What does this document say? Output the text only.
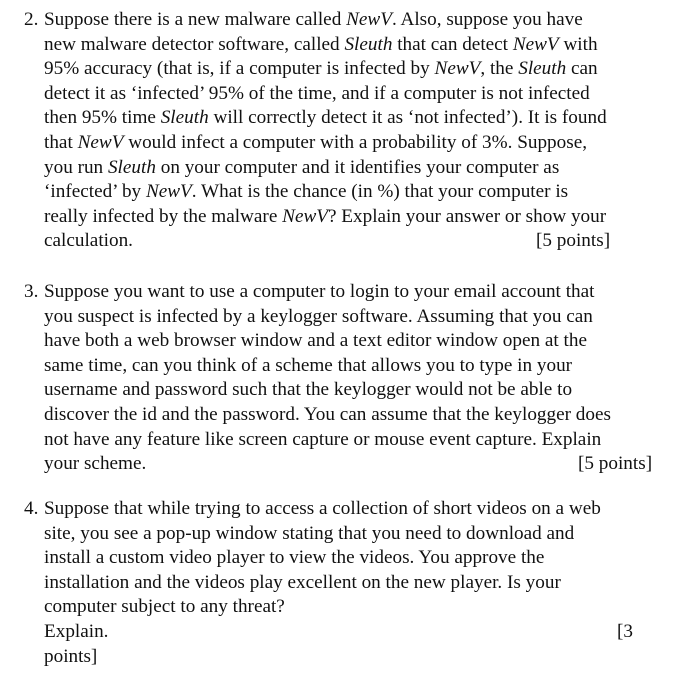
2. Suppose there is a new malware called NewV. Also, suppose you have
new malware detector software, called Sleuth that can detect NewV with
95% accuracy (that is, if a computer is infected by NewV, the Sleuth can
detect it as ‘infected’ 95% of the time, and if a computer is not infected
then 95% time Sleuth will correctly detect it as ‘not infected’). It is found
that NewV would infect a computer with a probability of 3%. Suppose,
you run Sleuth on your computer and it identifies your computer as
‘infected’ by NewV. What is the chance (in %) that your computer is
really infected by the malware NewV? Explain your answer or show your
calculation.	[5 points]
3. Suppose you want to use a computer to login to your email account that
you suspect is infected by a keylogger software. Assuming that you can
have both a web browser window and a text editor window open at the
same time, can you think of a scheme that allows you to type in your
username and password such that the keylogger would not be able to
discover the id and the password. You can assume that the keylogger does
not have any feature like screen capture or mouse event capture. Explain
your scheme.	[5 points]
4. Suppose that while trying to access a collection of short videos on a web
site, you see a pop-up window stating that you need to download and
install a custom video player to view the videos. You approve the
installation and the videos play excellent on the new player. Is your
computer subject to any threat?
Explain.	[3
points]
